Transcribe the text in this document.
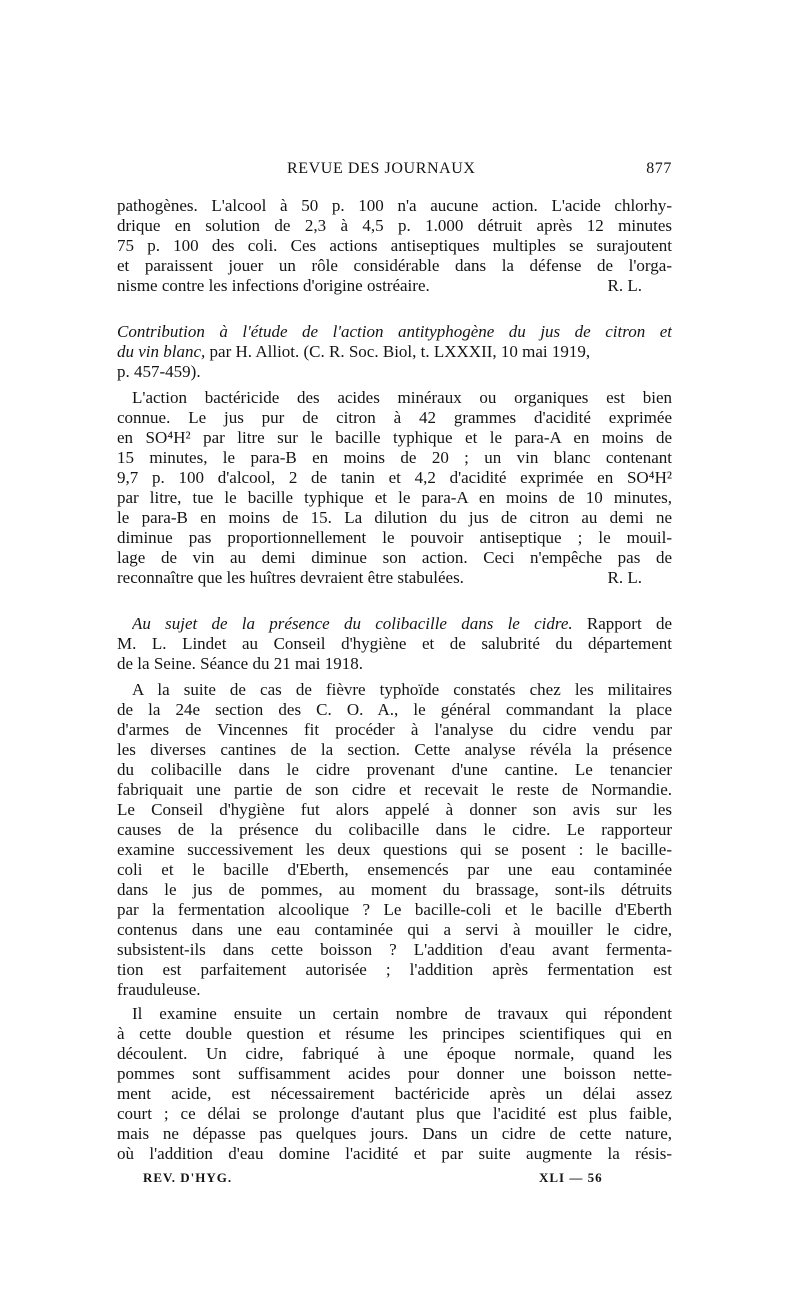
REVUE DES JOURNAUX	877
pathogènes. L'alcool à 50 p. 100 n'a aucune action. L'acide chlorhy-
drique en solution de 2,3 à 4,5 p. 1.000 détruit après 12 minutes
75 p. 100 des coli. Ces actions antiseptiques multiples se surajoutent
et paraissent jouer un rôle considérable dans la défense de l'orga-
nisme contre les infections d'origine ostréaire.	R. L.
Contribution à l'étude de l'action antityphogène du jus de citron et
du vin blanc, par H. Alliot. (C. R. Soc. Biol, t. LXXXII, 10 mai 1919,
p. 457-459).
L'action bactéricide des acides minéraux ou organiques est bien
connue. Le jus pur de citron à 42 grammes d'acidité exprimée
en SO⁴H² par litre sur le bacille typhique et le para-A en moins de
15 minutes, le para-B en moins de 20 ; un vin blanc contenant
9,7 p. 100 d'alcool, 2 de tanin et 4,2 d'acidité exprimée en SO⁴H²
par litre, tue le bacille typhique et le para-A en moins de 10 minutes,
le para-B en moins de 15. La dilution du jus de citron au demi ne
diminue pas proportionnellement le pouvoir antiseptique ; le mouil-
lage de vin au demi diminue son action. Ceci n'empêche pas de
reconnaître que les huîtres devraient être stabulées.	R. L.
Au sujet de la présence du colibacille dans le cidre. Rapport de
M. L. Lindet au Conseil d'hygiène et de salubrité du département
de la Seine. Séance du 21 mai 1918.
A la suite de cas de fièvre typhoïde constatés chez les militaires
de la 24e section des C. O. A., le général commandant la place
d'armes de Vincennes fit procéder à l'analyse du cidre vendu par
les diverses cantines de la section. Cette analyse révéla la présence
du colibacille dans le cidre provenant d'une cantine. Le tenancier
fabriquait une partie de son cidre et recevait le reste de Normandie.
Le Conseil d'hygiène fut alors appelé à donner son avis sur les
causes de la présence du colibacille dans le cidre. Le rapporteur
examine successivement les deux questions qui se posent : le bacille-
coli et le bacille d'Eberth, ensemencés par une eau contaminée
dans le jus de pommes, au moment du brassage, sont-ils détruits
par la fermentation alcoolique ? Le bacille-coli et le bacille d'Eberth
contenus dans une eau contaminée qui a servi à mouiller le cidre,
subsistent-ils dans cette boisson ? L'addition d'eau avant fermenta-
tion est parfaitement autorisée ; l'addition après fermentation est
frauduleuse.
Il examine ensuite un certain nombre de travaux qui répondent
à cette double question et résume les principes scientifiques qui en
découlent. Un cidre, fabriqué à une époque normale, quand les
pommes sont suffisamment acides pour donner une boisson nette-
ment acide, est nécessairement bactéricide après un délai assez
court ; ce délai se prolonge d'autant plus que l'acidité est plus faible,
mais ne dépasse pas quelques jours. Dans un cidre de cette nature,
où l'addition d'eau domine l'acidité et par suite augmente la résis-
REV. D'HYG.	XLI — 56
